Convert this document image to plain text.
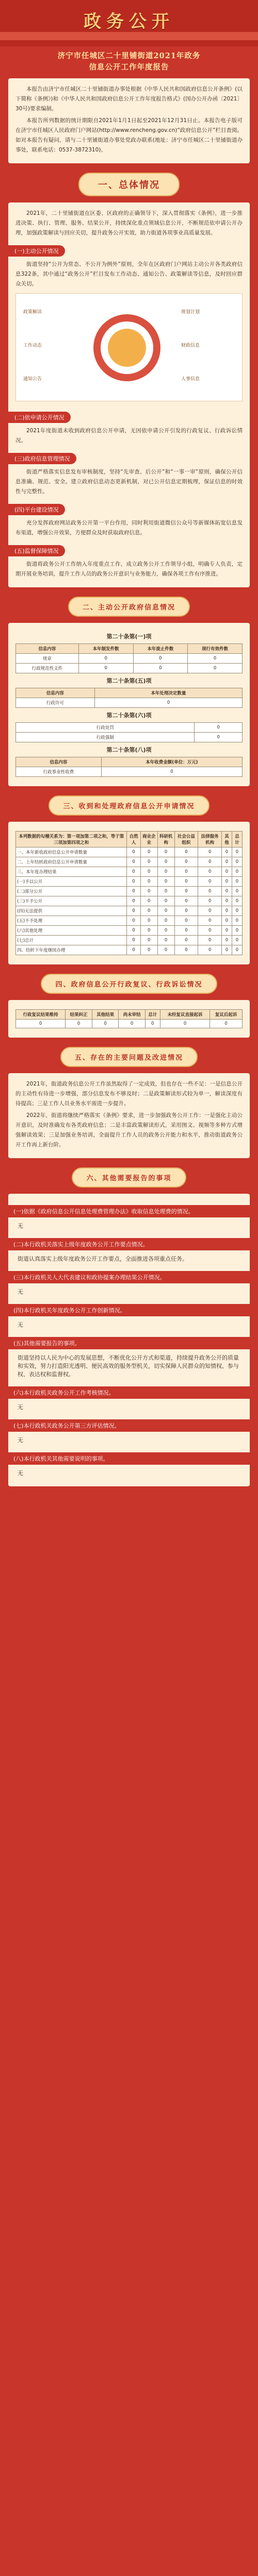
政务公开
济宁市任城区二十里铺街道2021年政务
信息公开工作年度报告

本报告由济宁市任城区二十里铺街道办事处根据《中华人民共和国政府信息公开条例》(以下简称《条例》)和《中华人民共和国政府信息公开工作年度报告格式》(国办公开办函〔2021〕30号)要求编制。

本报告所列数据的统计期限自2021年1月1日起至2021年12月31日止。本报告电子版可在济宁市任城区人民政府门户网站(http://www.rencheng.gov.cn)“政府信息公开”栏目查阅。如对本报告有疑问，请与二十里铺街道办事处党政办联系(地址：济宁市任城区二十里铺街道办事处，联系电话：0537-3872310)。

一、总体情况

2021年，二十里铺街道在区委、区政府的正确领导下，深入贯彻落实《条例》，进一步推进决策、执行、管理、服务、结果公开，持续深化重点领域信息公开，不断规范依申请公开办理，加强政策解读与回应关切，提升政务公开实效，助力街道各项事业高质量发展。

(一)主动公开情况

街道坚持“公开为常态、不公开为例外”原则，全年在区政府门户网站主动公开各类政府信息322条，其中通过“政务公开”栏目发布工作动态、通知公告、政策解读等信息，及时回应群众关切。

政策解读
工作动态
通知公告
规划计划
财政信息
人事信息
(二)依申请公开情况

2021年度街道未收到政府信息公开申请，无因依申请公开引发的行政复议、行政诉讼情况。

(三)政府信息管理情况

街道严格落实信息发布审核制度，坚持“先审查、后公开”和“一事一审”原则，确保公开信息准确、规范、安全。建立政府信息动态更新机制，对已公开信息定期梳理，保证信息的时效性与完整性。

(四)平台建设情况

充分发挥政府网站政务公开第一平台作用，同时利用街道微信公众号等新媒体拓宽信息发布渠道，增强公开效果，方便群众及时获取政府信息。

(五)监督保障情况

街道将政务公开工作纳入年度重点工作，成立政务公开工作领导小组，明确专人负责，定期开展业务培训，提升工作人员的政务公开意识与业务能力，确保各项工作有序推进。

二、主动公开政府信息情况
第二十条第(一)项
信息内容	本年制发件数	本年废止件数	现行有效件数
规章	0	0	0
行政规范性文件	0	0	0
第二十条第(五)项
信息内容	本年处理决定数量
行政许可	0
第二十条第(六)项
行政处罚	0
行政强制	0
第二十条第(八)项
信息内容	本年收费金额(单位：万元)
行政事业性收费	0
三、收到和处理政府信息公开申请情况
本列数据的勾稽关系为：第一项加第二项之和，等于第三项加第四项之和	自然人	商业企业	科研机构	社会公益组织	法律服务机构	其他	总计
一、本年新收政府信息公开申请数量	0	0	0	0	0	0	0
二、上年结转政府信息公开申请数量	0	0	0	0	0	0	0
三、本年度办理结果	0	0	0	0	0	0	0
(一)予以公开	0	0	0	0	0	0	0
(二)部分公开	0	0	0	0	0	0	0
(三)不予公开	0	0	0	0	0	0	0
(四)无法提供	0	0	0	0	0	0	0
(五)不予处理	0	0	0	0	0	0	0
(六)其他处理	0	0	0	0	0	0	0
(七)总计	0	0	0	0	0	0	0
四、结转下年度继续办理	0	0	0	0	0	0	0
四、政府信息公开行政复议、行政诉讼情况
行政复议结果维持	结果纠正	其他结果	尚未审结	总计	未经复议直接起诉	复议后起诉
0	0	0	0	0	0	0
五、存在的主要问题及改进情况

2021年，街道政务信息公开工作虽然取得了一定成效，但也存在一些不足：一是信息公开的主动性有待进一步增强，部分信息发布不够及时；二是政策解读形式较为单一，解读深度有待提高；三是工作人员业务水平需进一步提升。

2022年，街道将继续严格落实《条例》要求，进一步加强政务公开工作：一是强化主动公开意识，及时准确发布各类政府信息；二是丰富政策解读形式，采用图文、视频等多种方式增强解读效果；三是加强业务培训，全面提升工作人员的政务公开能力和水平，推动街道政务公开工作再上新台阶。

六、其他需要报告的事项
(一)依据《政府信息公开信息处理费管理办法》收取信息处理费的情况。
无
(二)本行政机关落实上级年度政务公开工作要点情况。
街道认真落实上级年度政务公开工作要点，全面推进各项重点任务。
(三)本行政机关人大代表建议和政协提案办理结果公开情况。
无
(四)本行政机关年度政务公开工作创新情况。
无
(五)其他需要报告的事项。
街道坚持以人民为中心的发展思想，不断优化公开方式和渠道，持续提升政务公开的质量和实效，努力打造阳光透明、便民高效的服务型机关，切实保障人民群众的知情权、参与权、表达权和监督权。
(六)本行政机关政务公开工作考核情况。
无
(七)本行政机关政务公开第三方评估情况。
无
(八)本行政机关其他需要说明的事项。
无
